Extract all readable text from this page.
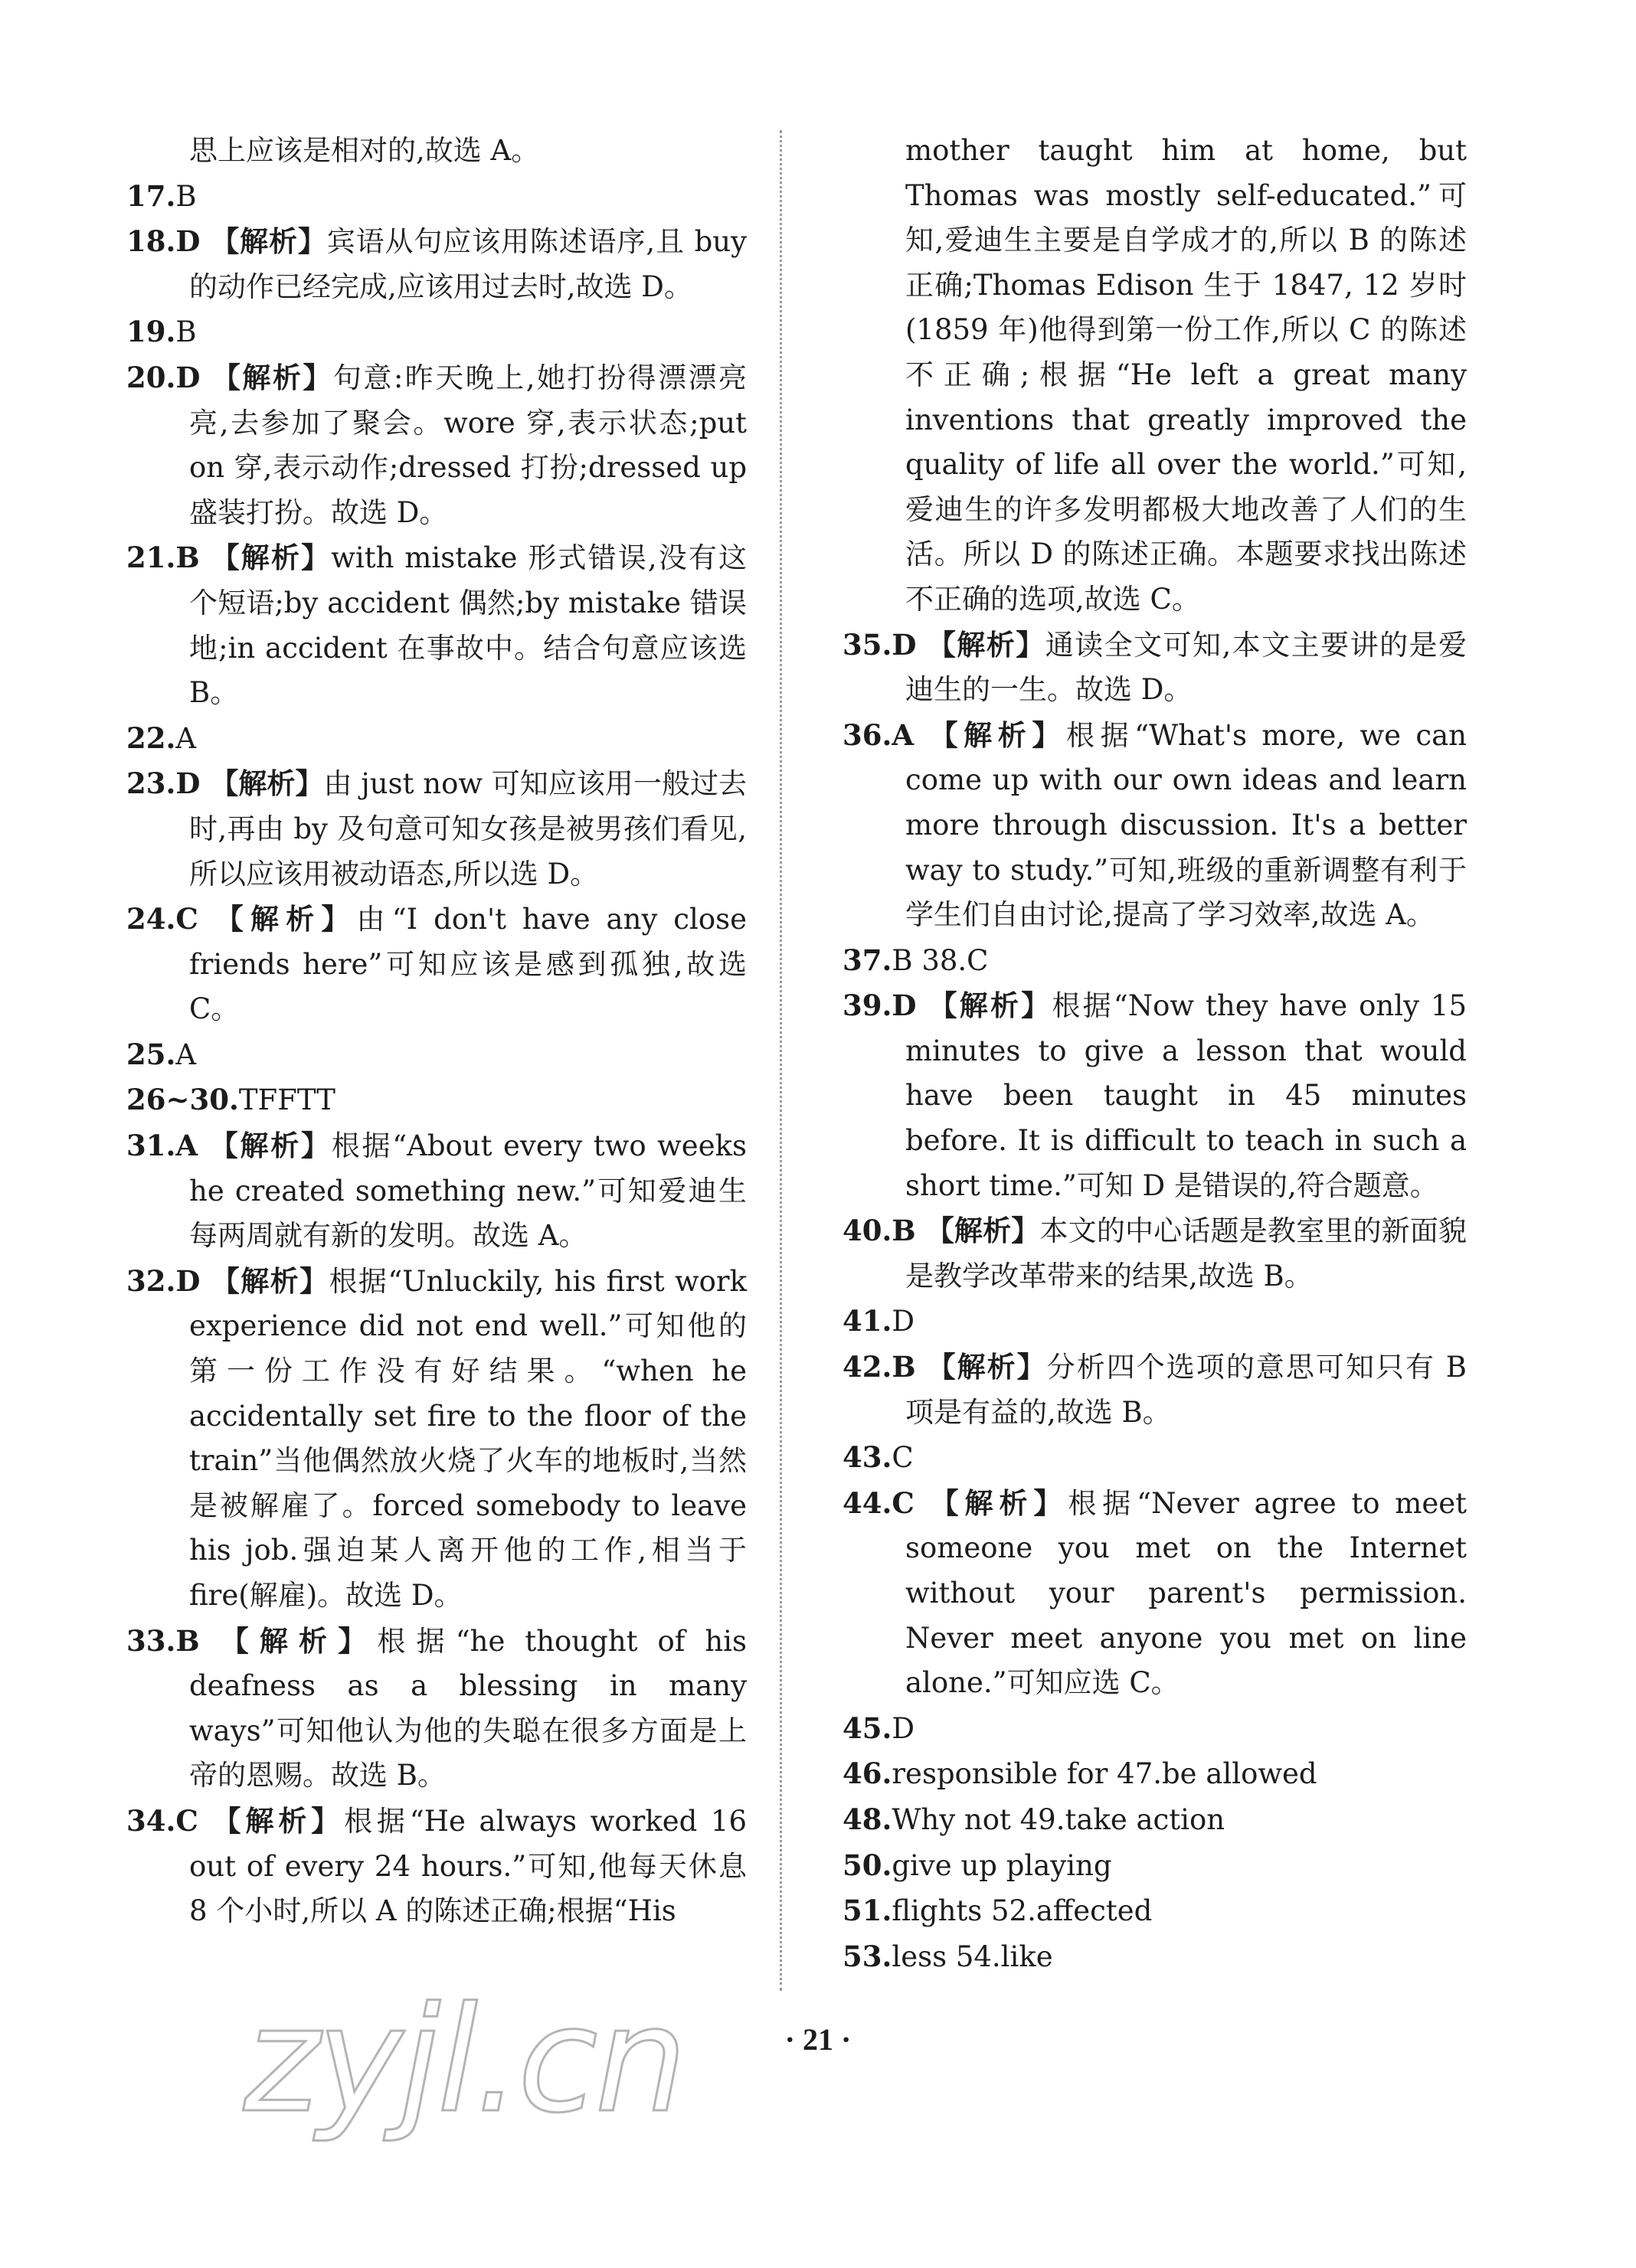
思上应该是相对的,故选 A。

17.B

18.D 【解析】宾语从句应该用陈述语序,且 buy 的动作已经完成,应该用过去时,故选 D。

19.B

20.D 【解析】句意:昨天晚上,她打扮得漂漂亮亮,去参加了聚会。wore 穿,表示状态;put on 穿,表示动作;dressed 打扮;dressed up 盛装打扮。故选 D。

21.B 【解析】with mistake 形式错误,没有这个短语;by accident 偶然;by mistake 错误地;in accident 在事故中。结合句意应该选 B。

22.A

23.D 【解析】由 just now 可知应该用一般过去时,再由 by 及句意可知女孩是被男孩们看见,所以应该用被动语态,所以选 D。

24.C 【解析】由“I don't have any close friends here”可知应该是感到孤独,故选 C。

25.A

26~30.TFFTT

31.A 【解析】根据“About every two weeks he created something new.”可知爱迪生每两周就有新的发明。故选 A。

32.D 【解析】根据“Unluckily, his first work experience did not end well.”可知他的第一份工作没有好结果。“when he accidentally set fire to the floor of the train”当他偶然放火烧了火车的地板时,当然是被解雇了。forced somebody to leave his job.强迫某人离开他的工作,相当于 fire(解雇)。故选 D。

33.B 【解析】根据“he thought of his deafness as a blessing in many ways”可知他认为他的失聪在很多方面是上帝的恩赐。故选 B。

34.C 【解析】根据“He always worked 16 out of every 24 hours.”可知,他每天休息 8 个小时,所以 A 的陈述正确;根据“His

mother taught him at home, but Thomas was mostly self-educated.”可知,爱迪生主要是自学成才的,所以 B 的陈述正确;Thomas Edison 生于 1847, 12 岁时(1859 年)他得到第一份工作,所以 C 的陈述不正确;根据“He left a great many inventions that greatly improved the quality of life all over the world.”可知,爱迪生的许多发明都极大地改善了人们的生活。所以 D 的陈述正确。本题要求找出陈述不正确的选项,故选 C。

35.D 【解析】通读全文可知,本文主要讲的是爱迪生的一生。故选 D。

36.A 【解析】根据“What's more, we can come up with our own ideas and learn more through discussion. It's a better way to study.”可知,班级的重新调整有利于学生们自由讨论,提高了学习效率,故选 A。

37.B 38.C

39.D 【解析】根据“Now they have only 15 minutes to give a lesson that would have been taught in 45 minutes before. It is difficult to teach in such a short time.”可知 D 是错误的,符合题意。

40.B 【解析】本文的中心话题是教室里的新面貌是教学改革带来的结果,故选 B。

41.D

42.B 【解析】分析四个选项的意思可知只有 B 项是有益的,故选 B。

43.C

44.C 【解析】根据“Never agree to meet someone you met on the Internet without your parent's permission. Never meet anyone you met on line alone.”可知应选 C。

45.D

46.responsible for 47.be allowed

48.Why not 49.take action

50.give up playing

51.flights 52.affected

53.less 54.like

zyjl.cn	· 21 ·
